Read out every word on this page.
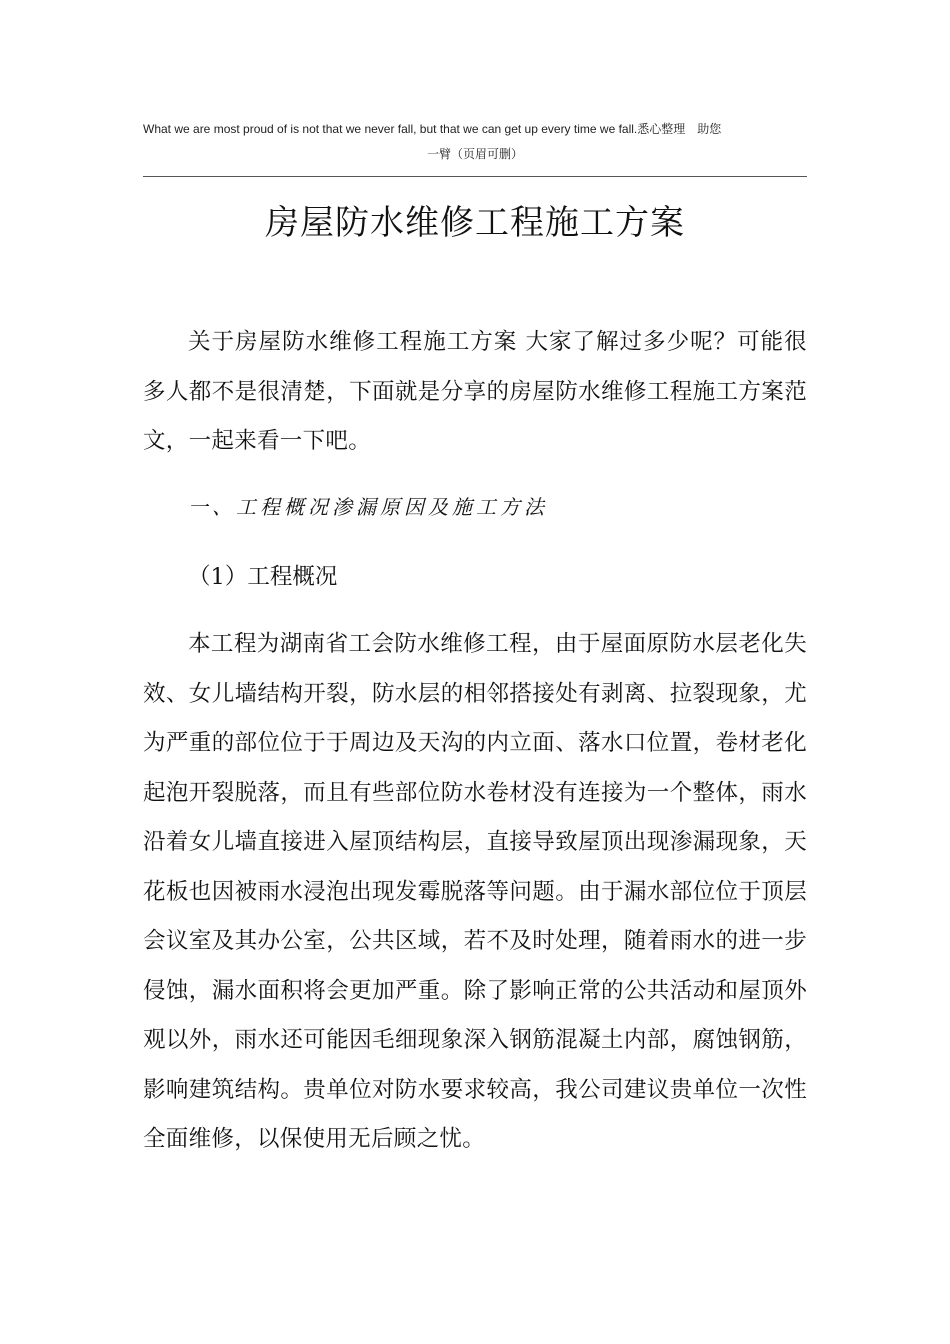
What we are most proud of is not that we never fall, but that we can get up every time we fall.悉心整理　助您
一臂（页眉可删）
房屋防水维修工程施工方案

关于房屋防水维修工程施工方案 大家了解过多少呢？可能很多人都不是很清楚，下面就是分享的房屋防水维修工程施工方案范文，一起来看一下吧。

一、工程概况渗漏原因及施工方法

（1）工程概况

本工程为湖南省工会防水维修工程，由于屋面原防水层老化失效、女儿墙结构开裂，防水层的相邻搭接处有剥离、拉裂现象，尤为严重的部位位于于周边及天沟的内立面、落水口位置，卷材老化起泡开裂脱落，而且有些部位防水卷材没有连接为一个整体，雨水沿着女儿墙直接进入屋顶结构层，直接导致屋顶出现渗漏现象，天花板也因被雨水浸泡出现发霉脱落等问题。由于漏水部位位于顶层会议室及其办公室，公共区域，若不及时处理，随着雨水的进一步侵蚀，漏水面积将会更加严重。除了影响正常的公共活动和屋顶外观以外，雨水还可能因毛细现象深入钢筋混凝土内部，腐蚀钢筋，影响建筑结构。贵单位对防水要求较高，我公司建议贵单位一次性全面维修，以保使用无后顾之忧。
